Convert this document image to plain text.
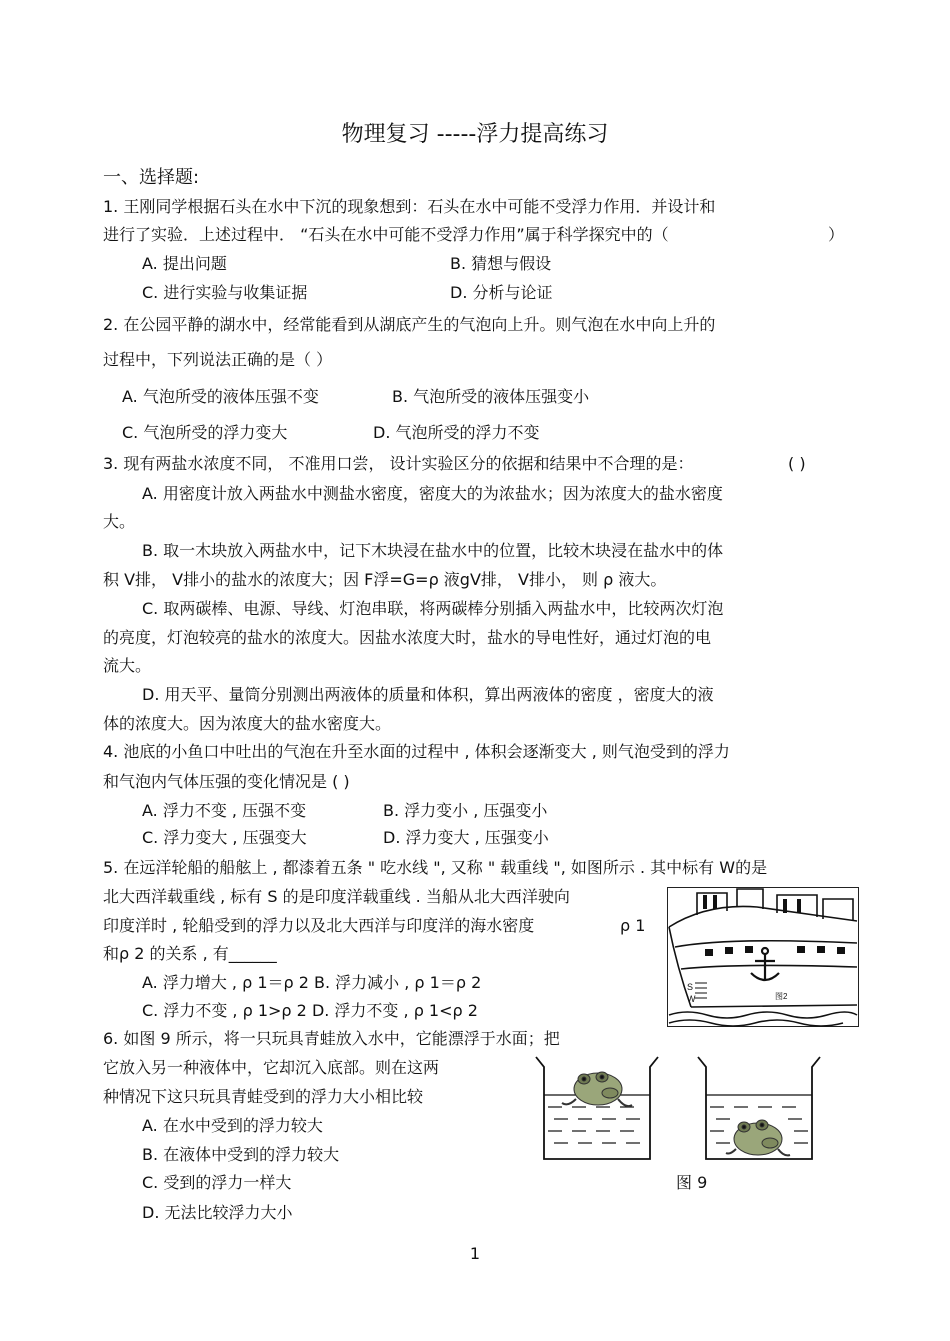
物理复习 -----浮力提高练习
一、选择题:
1. 王刚同学根据石头在水中下沉的现象想到：石头在水中可能不受浮力作用．并设计和
进行了实验．上述过程中． “石头在水中可能不受浮力作用”属于科学探究中的（	）
A. 提出问题	B. 猜想与假设
C. 进行实验与收集证据	D. 分析与论证
2. 在公园平静的湖水中，经常能看到从湖底产生的气泡向上升。则气泡在水中向上升的
过程中，下列说法正确的是（ ）
A. 气泡所受的液体压强不变	B. 气泡所受的液体压强变小
C. 气泡所受的浮力变大	D. 气泡所受的浮力不变
3. 现有两盐水浓度不同， 不准用口尝， 设计实验区分的依据和结果中不合理的是：	( )
A. 用密度计放入两盐水中测盐水密度，密度大的为浓盐水；因为浓度大的盐水密度
大。
B. 取一木块放入两盐水中，记下木块浸在盐水中的位置，比较木块浸在盐水中的体
积 V排， V排小的盐水的浓度大；因 F浮=G=ρ 液gV排， V排小， 则 ρ 液大。
C. 取两碳棒、电源、导线、灯泡串联，将两碳棒分别插入两盐水中，比较两次灯泡
的亮度，灯泡较亮的盐水的浓度大。因盐水浓度大时，盐水的导电性好，通过灯泡的电
流大。
D. 用天平、量筒分别测出两液体的质量和体积，算出两液体的密度 ，密度大的液
体的浓度大。因为浓度大的盐水密度大。
4. 池底的小鱼口中吐出的气泡在升至水面的过程中 , 体积会逐渐变大 , 则气泡受到的浮力
和气泡内气体压强的变化情况是 ( )
A. 浮力不变 , 压强不变	B. 浮力变小 , 压强变小
C. 浮力变大 , 压强变大	D. 浮力变大 , 压强变小
5. 在远洋轮船的船舷上 , 都漆着五条 " 吃水线 ", 又称 " 载重线 ", 如图所示 . 其中标有 W的是
北大西洋载重线 , 标有 S 的是印度洋载重线 . 当船从北大西洋驶向
印度洋时 , 轮船受到的浮力以及北大西洋与印度洋的海水密度	ρ 1
和ρ 2 的关系 , 有______
A. 浮力增大 , ρ 1＝ρ 2 B. 浮力减小 , ρ 1＝ρ 2
C. 浮力不变 , ρ 1>ρ 2 D. 浮力不变 , ρ 1<ρ 2
S
W	图2
6. 如图 9 所示，将一只玩具青蛙放入水中，它能漂浮于水面；把
它放入另一种液体中，它却沉入底部。则在这两
种情况下这只玩具青蛙受到的浮力大小相比较
A. 在水中受到的浮力较大
B. 在液体中受到的浮力较大
C. 受到的浮力一样大
D. 无法比较浮力大小
图 9
1
